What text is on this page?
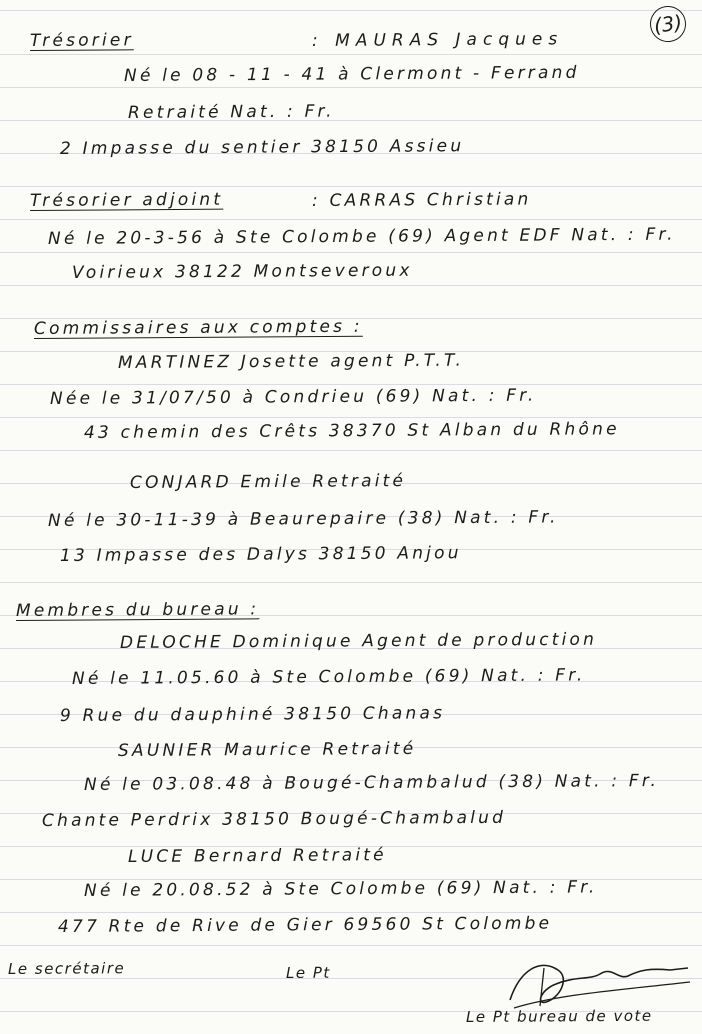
(3)
Trésorier	: MAURAS Jacques
Né le 08 - 11 - 41 à Clermont - Ferrand
Retraité Nat. : Fr.
2 Impasse du sentier 38150 Assieu
Trésorier adjoint	: CARRAS Christian
Né le 20-3-56 à Ste Colombe (69) Agent EDF Nat. : Fr.
Voirieux 38122 Montseveroux
Commissaires aux comptes :
MARTINEZ Josette agent P.T.T.
Née le 31/07/50 à Condrieu (69) Nat. : Fr.
43 chemin des Crêts 38370 St Alban du Rhône
CONJARD Emile Retraité
Né le 30-11-39 à Beaurepaire (38) Nat. : Fr.
13 Impasse des Dalys 38150 Anjou
Membres du bureau :
DELOCHE Dominique Agent de production
Né le 11.05.60 à Ste Colombe (69) Nat. : Fr.
9 Rue du dauphiné 38150 Chanas
SAUNIER Maurice Retraité
Né le 03.08.48 à Bougé-Chambalud (38) Nat. : Fr.
Chante Perdrix 38150 Bougé-Chambalud
LUCE Bernard Retraité
Né le 20.08.52 à Ste Colombe (69) Nat. : Fr.
477 Rte de Rive de Gier 69560 St Colombe
Le secrétaire	Le Pt
Le Pt bureau de vote
